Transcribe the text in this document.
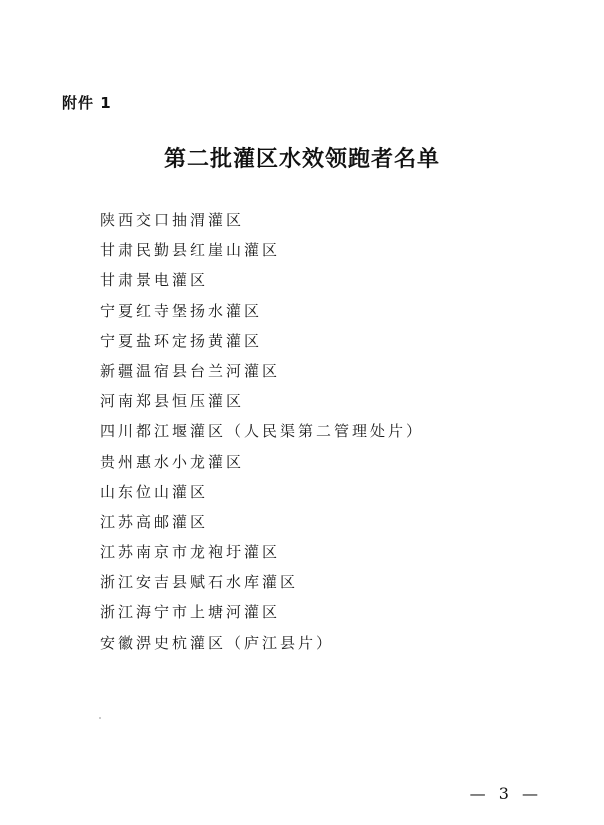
附件 1
第二批灌区水效领跑者名单
陕西交口抽渭灌区
甘肃民勤县红崖山灌区
甘肃景电灌区
宁夏红寺堡扬水灌区
宁夏盐环定扬黄灌区
新疆温宿县台兰河灌区
河南郑县恒压灌区
四川都江堰灌区（人民渠第二管理处片）
贵州惠水小龙灌区
山东位山灌区
江苏高邮灌区
江苏南京市龙袍圩灌区
浙江安吉县赋石水库灌区
浙江海宁市上塘河灌区
安徽淠史杭灌区（庐江县片）
— 3 —
